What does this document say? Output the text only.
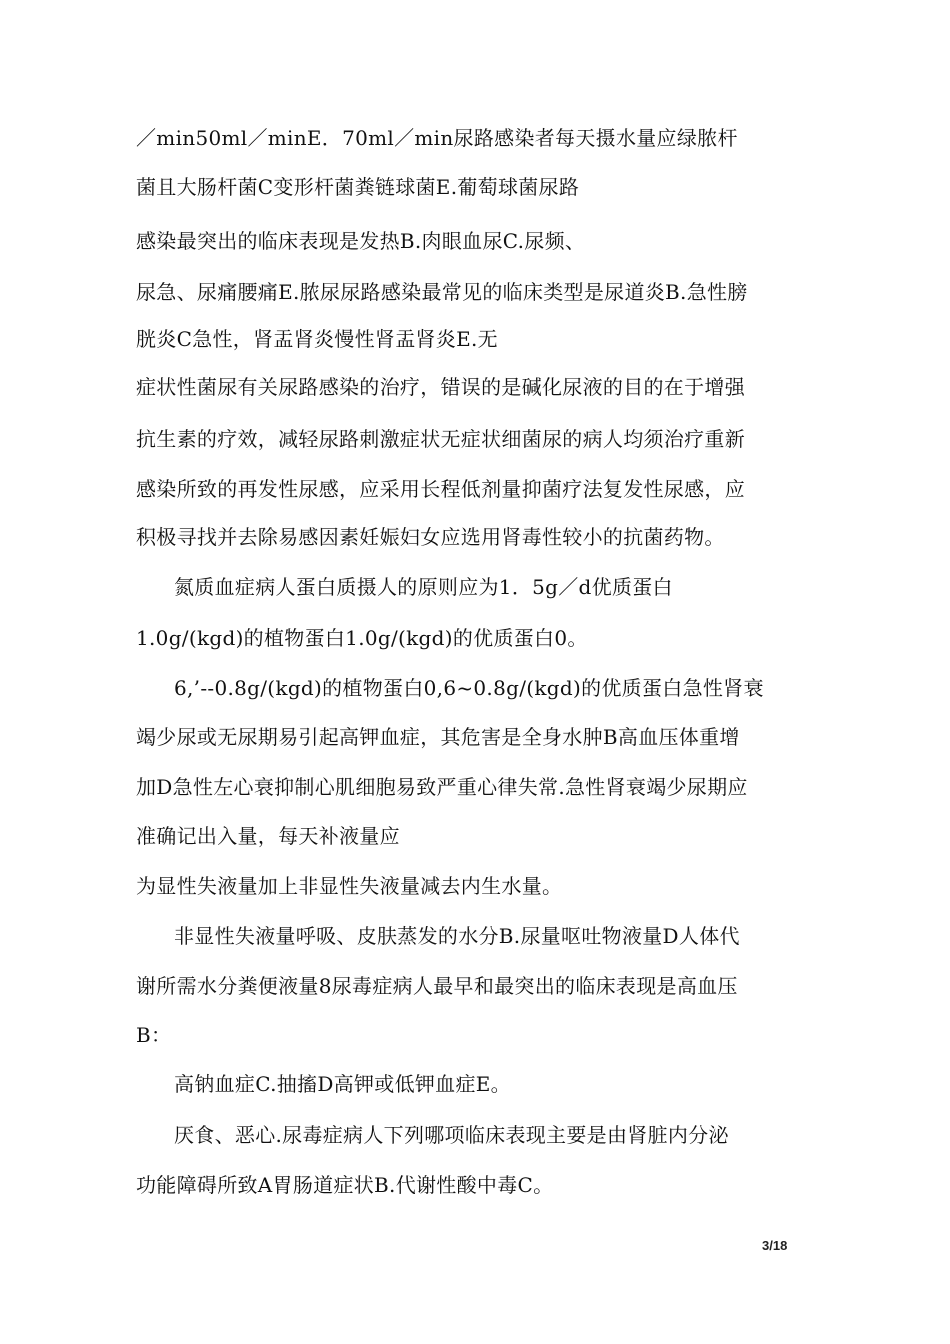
／min50ml／minE．70ml／min尿路感染者每天摄水量应绿脓杆
菌且大肠杆菌C变形杆菌粪链球菌E.葡萄球菌尿路
感染最突出的临床表现是发热B.肉眼血尿C.尿频、
尿急、尿痛腰痛E.脓尿尿路感染最常见的临床类型是尿道炎B.急性膀
胱炎C急性，肾盂肾炎慢性肾盂肾炎E.无
症状性菌尿有关尿路感染的治疗，错误的是碱化尿液的目的在于增强
抗生素的疗效，减轻尿路刺激症状无症状细菌尿的病人均须治疗重新
感染所致的再发性尿感，应采用长程低剂量抑菌疗法复发性尿感，应
积极寻找并去除易感因素妊娠妇女应选用肾毒性较小的抗菌药物。
氮质血症病人蛋白质摄人的原则应为1．5g／d优质蛋白
1.0g/(kgd)的植物蛋白1.0g/(kgd)的优质蛋白0。
6,’--0.8g/(kgd)的植物蛋白0,6~0.8g/(kgd)的优质蛋白急性肾衰
竭少尿或无尿期易引起高钾血症，其危害是全身水肿B高血压体重增
加D急性左心衰抑制心肌细胞易致严重心律失常.急性肾衰竭少尿期应
准确记出入量，每天补液量应
为显性失液量加上非显性失液量减去内生水量。
非显性失液量呼吸、皮肤蒸发的水分B.尿量呕吐物液量D人体代
谢所需水分粪便液量8尿毒症病人最早和最突出的临床表现是高血压
B：
高钠血症C.抽搐D高钾或低钾血症E。
厌食、恶心.尿毒症病人下列哪项临床表现主要是由肾脏内分泌
功能障碍所致A胃肠道症状B.代谢性酸中毒C。
3/18
